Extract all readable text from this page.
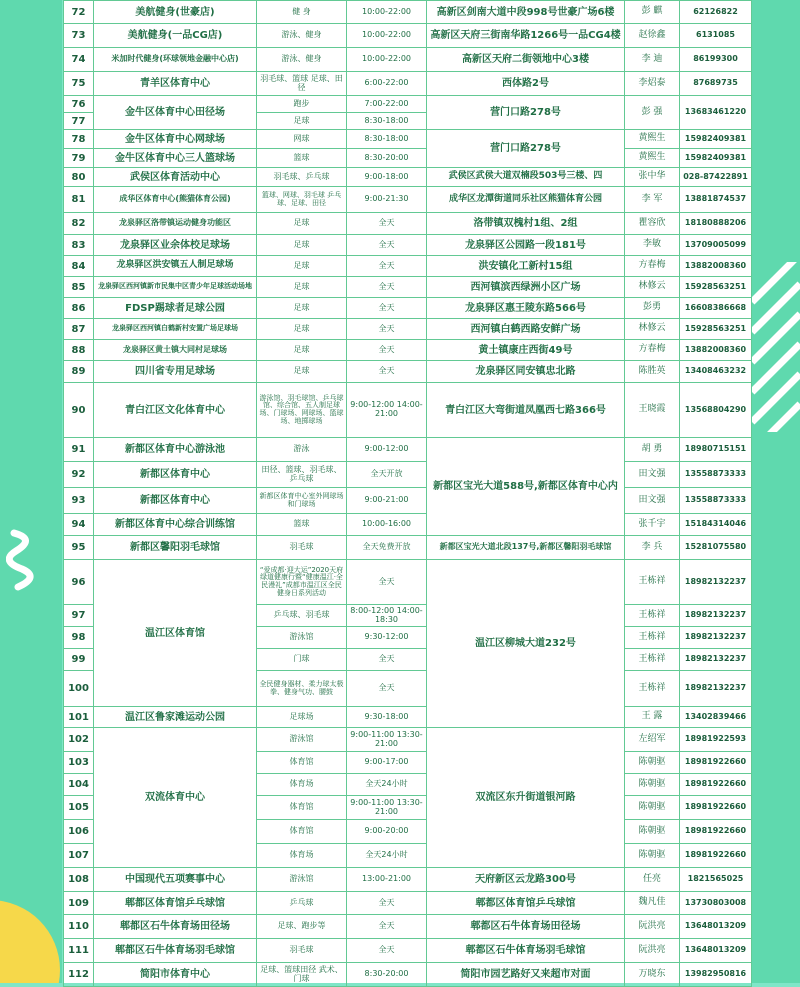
72	美航健身(世豪店)	健 身	10:00-22:00	高新区剑南大道中段998号世豪广场6楼	彭 麒	62126822
73	美航健身(一品CG店)	游泳、健身	10:00-22:00	高新区天府三街南华路1266号一品CG4楼	赵徐鑫	6131085
74	米加时代健身(环球领地金融中心店)	游泳、健身	10:00-22:00	高新区天府二街领地中心3楼	李 迪	86199300
75	青羊区体育中心	羽毛球、篮球 足球、田径	6:00-22:00	西体路2号	李炤泰	87689735
76	金牛区体育中心田径场	跑步	7:00-22:00	营门口路278号	彭 强	13683461220
77		足球	8:30-18:00			
78	金牛区体育中心网球场	网球	8:30-18:00	营门口路278号	黄熙生	15982409381
79	金牛区体育中心三人篮球场	篮球	8:30-20:00		黄熙生	15982409381
80	武侯区体育活动中心	羽毛球、乒乓球	9:00-18:00	武侯区武侯大道双楠段503号三楼、四	张中华	028-87422891
81	成华区体育中心(熊猫体育公园)	篮球、网球、羽毛球 乒乓球、足球、田径	9:00-21:30	成华区龙潭街道同乐社区熊猫体育公园	李 军	13881874537
82	龙泉驿区洛带镇运动健身功能区	足球	全天	洛带镇双槐村1组、2组	瞿容欣	18180888206
83	龙泉驿区业余体校足球场	足球	全天	龙泉驿区公园路一段181号	李敏	13709005099
84	龙泉驿区洪安镇五人制足球场	足球	全天	洪安镇化工新村15组	方春梅	13882008360
85	龙泉驿区西河镇新市民集中区青少年足球活动场地	足球	全天	西河镇滨西绿洲小区广场	林修云	15928563251
86	FDSP踢球者足球公园	足球	全天	龙泉驿区惠王陵东路566号	彭勇	16608386668
87	龙泉驿区西河镇白鹤新村安置广场足球场	足球	全天	西河镇白鹤西路安鲜广场	林修云	15928563251
88	龙泉驿区黄土镇大同村足球场	足球	全天	黄土镇康庄西街49号	方春梅	13882008360
89	四川省专用足球场	足球	全天	龙泉驿区同安镇忠北路	陈胜英	13408463232
90	青白江区文化体育中心	游泳馆、羽毛球馆、乒乓球馆、综合馆、五人制足球场、门球场、网球场、篮球场、地掷球场	9:00-12:00 14:00-21:00	青白江区大弯街道凤凰西七路366号	王晓霞	13568804290
91	新都区体育中心游泳池	游泳	9:00-12:00	新都区宝光大道588号,新都区体育中心内	胡 勇	18980715151
92	新都区体育中心	田径、篮球、羽毛球、乒乓球	全天开放		田文强	13558873333
93	新都区体育中心	新都区体育中心室外网球场和门球场	9:00-21:00		田文强	13558873333
94	新都区体育中心综合训练馆	篮球	10:00-16:00		张千宇	15184314046
95	新都区馨阳羽毛球馆	羽毛球	全天免费开放	新都区宝光大道北段137号,新都区馨阳羽毛球馆	李 兵	15281075580
96	温江区体育馆	“爱成都·迎大运”2020天府绿道健康行暨“健康温江·全民漫礼”成都市温江区全民健身日系列活动	全天	温江区柳城大道232号	王栋祥	18982132237
97		乒乓球、羽毛球	8:00-12:00 14:00-18:30		王栋祥	18982132237
98		游泳馆	9:30-12:00		王栋祥	18982132237
99		门球	全天		王栋祥	18982132237
100		全民健身器材、柔力球太极拳、健身气功、腰鼓	全天		王栋祥	18982132237
101	温江区鲁家滩运动公园	足球场	9:30-18:00		王 露	13402839466
102	双流体育中心	游泳馆	9:00-11:00 13:30-21:00	双流区东升街道银河路	左绍军	18981922593
103		体育馆	9:00-17:00		陈朝驱	18981922660
104		体育场	全天24小时		陈朝驱	18981922660
105		体育馆	9:00-11:00 13:30-21:00		陈朝驱	18981922660
106		体育馆	9:00-20:00		陈朝驱	18981922660
107		体育场	全天24小时		陈朝驱	18981922660
108	中国现代五项赛事中心	游泳馆	13:00-21:00	天府新区云龙路300号	任亮	1821565025
109	郫都区体育馆乒乓球馆	乒乓球	全天	郫都区体育馆乒乓球馆	魏凡佳	13730803008
110	郫都区石牛体育场田径场	足球、跑步等	全天	郫都区石牛体育场田径场	阮洪亮	13648013209
111	郫都区石牛体育场羽毛球馆	羽毛球	全天	郫都区石牛体育场羽毛球馆	阮洪亮	13648013209
112	简阳市体育中心	足球、篮球田径 武术、门球	8:30-20:00	简阳市园艺路好又来超市对面	万晓东	13982950816
